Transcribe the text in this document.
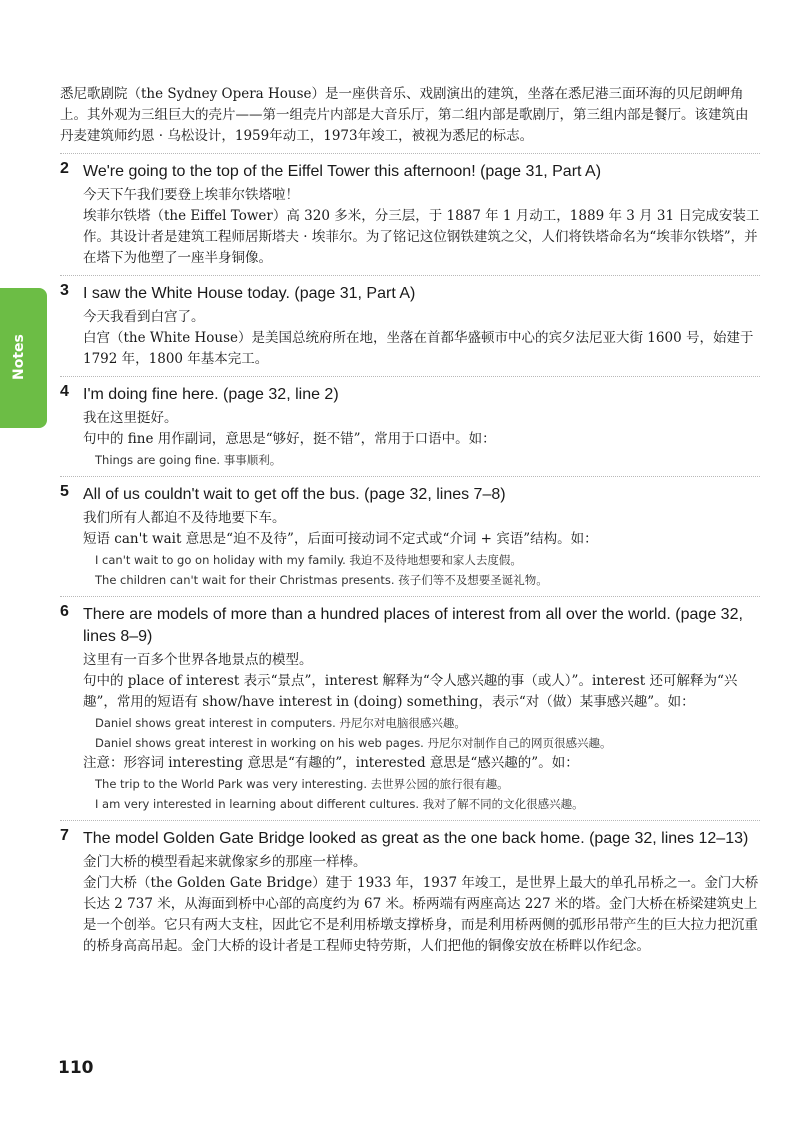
Notes

悉尼歌剧院（the Sydney Opera House）是一座供音乐、戏剧演出的建筑，坐落在悉尼港三面环海的贝尼朗岬角上。其外观为三组巨大的壳片——第一组壳片内部是大音乐厅，第二组内部是歌剧厅，第三组内部是餐厅。该建筑由丹麦建筑师约恩 · 乌松设计，1959年动工，1973年竣工，被视为悉尼的标志。

2 We're going to the top of the Eiffel Tower this afternoon! (page 31, Part A)

今天下午我们要登上埃菲尔铁塔啦！

埃菲尔铁塔（the Eiffel Tower）高 320 多米，分三层，于 1887 年 1 月动工，1889 年 3 月 31 日完成安装工作。其设计者是建筑工程师居斯塔夫 · 埃菲尔。为了铭记这位钢铁建筑之父，人们将铁塔命名为“埃菲尔铁塔”，并在塔下为他塑了一座半身铜像。

3 I saw the White House today. (page 31, Part A)

今天我看到白宫了。

白宫（the White House）是美国总统府所在地，坐落在首都华盛顿市中心的宾夕法尼亚大街 1600 号，始建于 1792 年，1800 年基本完工。

4 I'm doing fine here. (page 32, line 2)

我在这里挺好。

句中的 fine 用作副词，意思是“够好，挺不错”，常用于口语中。如：

Things are going fine. 事事顺利。

5 All of us couldn't wait to get off the bus. (page 32, lines 7–8)

我们所有人都迫不及待地要下车。

短语 can't wait 意思是“迫不及待”，后面可接动词不定式或“介词 + 宾语”结构。如：

I can't wait to go on holiday with my family. 我迫不及待地想要和家人去度假。

The children can't wait for their Christmas presents. 孩子们等不及想要圣诞礼物。

6 There are models of more than a hundred places of interest from all over the world. (page 32, lines 8–9)

这里有一百多个世界各地景点的模型。

句中的 place of interest 表示“景点”，interest 解释为“令人感兴趣的事（或人）”。interest 还可解释为“兴趣”，常用的短语有 show/have interest in (doing) something，表示“对（做）某事感兴趣”。如：

Daniel shows great interest in computers. 丹尼尔对电脑很感兴趣。

Daniel shows great interest in working on his web pages. 丹尼尔对制作自己的网页很感兴趣。

注意：形容词 interesting 意思是“有趣的”，interested 意思是“感兴趣的”。如：

The trip to the World Park was very interesting. 去世界公园的旅行很有趣。

I am very interested in learning about different cultures. 我对了解不同的文化很感兴趣。

7 The model Golden Gate Bridge looked as great as the one back home. (page 32, lines 12–13)

金门大桥的模型看起来就像家乡的那座一样棒。

金门大桥（the Golden Gate Bridge）建于 1933 年，1937 年竣工，是世界上最大的单孔吊桥之一。金门大桥长达 2 737 米，从海面到桥中心部的高度约为 67 米。桥两端有两座高达 227 米的塔。金门大桥在桥梁建筑史上是一个创举。它只有两大支柱，因此它不是利用桥墩支撑桥身，而是利用桥两侧的弧形吊带产生的巨大拉力把沉重的桥身高高吊起。金门大桥的设计者是工程师史特劳斯，人们把他的铜像安放在桥畔以作纪念。

110
